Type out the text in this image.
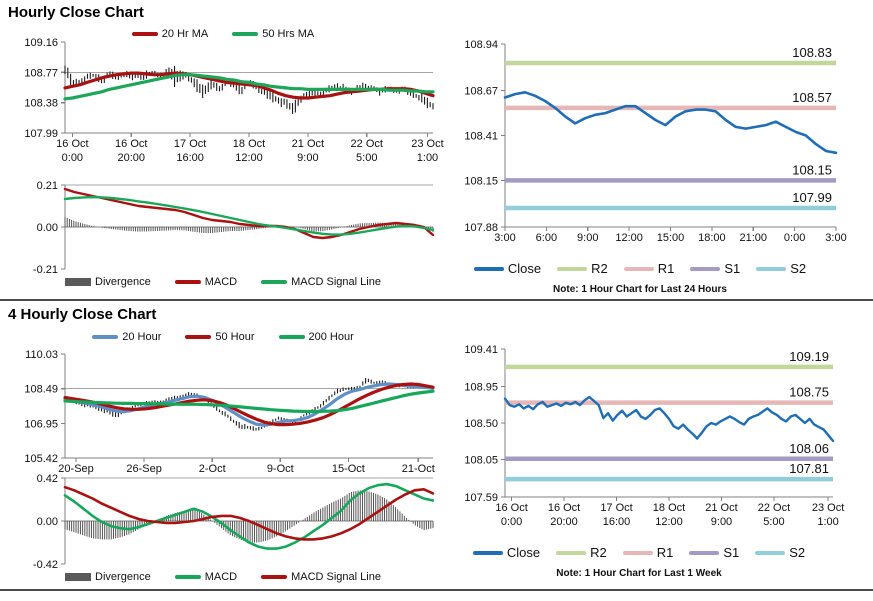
Hourly Close Chart
20 Hr MA	50 Hrs MA
109.16
108.77
108.38
107.99
16 Oct
0:00
16 Oct
20:00
17 Oct
16:00
18 Oct
12:00
21 Oct
9:00
22 Oct
5:00
23 Oct
1:00
0.21
0.00
-0.21
Divergence	MACD	MACD Signal Line
108.94
108.67
108.41
108.15
107.88
3:00 6:00 9:00 12:00 15:00 18:00 21:00 0:00 3:00
108.83
108.57
108.15
107.99
Close	R2	R1	S1	S2
Note: 1 Hour Chart for Last 24 Hours
4 Hourly Close Chart
20 Hour	50 Hour	200 Hour
110.03
108.49
106.95
105.42
20-Sep	26-Sep	2-Oct	9-Oct	15-Oct	21-Oct
0.42
0.00
-0.42
Divergence	MACD	MACD Signal Line
109.41
108.95
108.50
108.05
107.59
16 Oct
0:00
16 Oct
20:00
17 Oct
16:00
18 Oct
12:00
21 Oct
9:00
22 Oct
5:00
23 Oct
1:00
109.19
108.75
108.06
107.81
Close	R2	R1	S1	S2
Note: 1 Hour Chart for Last 1 Week
